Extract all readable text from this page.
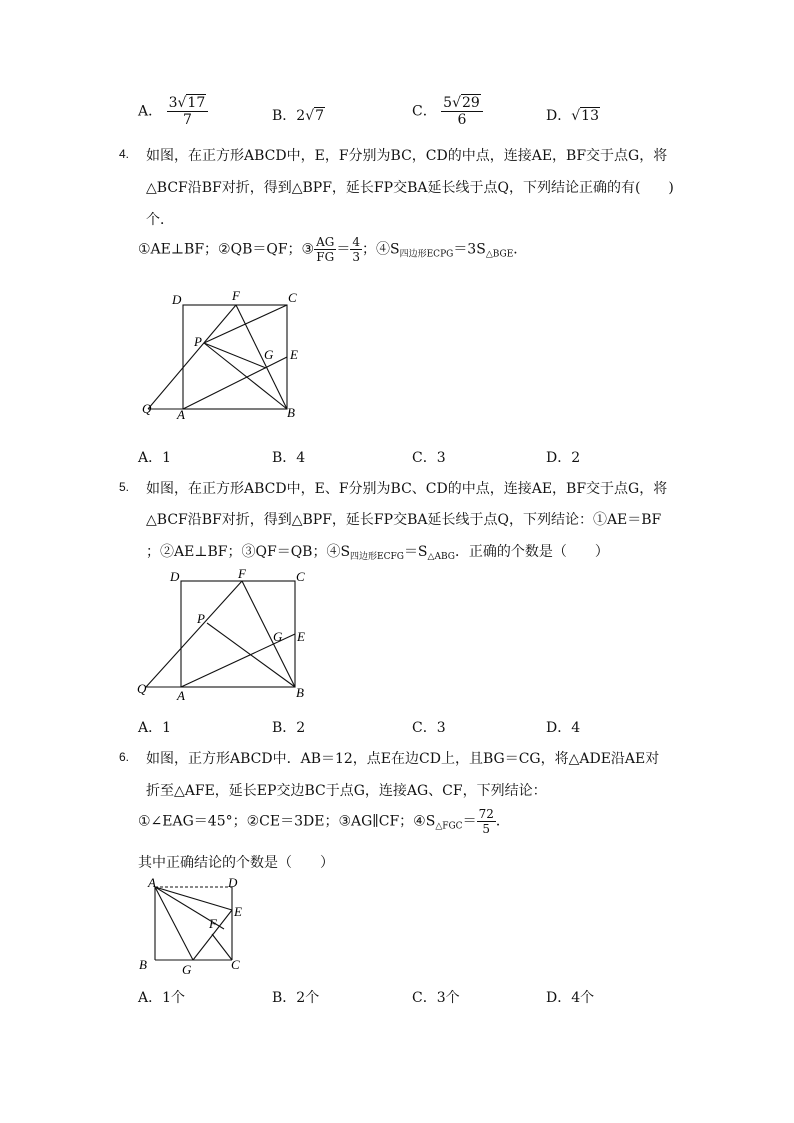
A． $\frac{3√17}{7}$	B．2√7	C． $\frac{5√29}{6}$	D．√13
4. 如图，在正方形ABCD中，E，F分别为BC，CD的中点，连接AE，BF交于点G，将
△BCF沿BF对折，得到△BPF，延长FP交BA延长线于点Q，下列结论正确的有(　　)
个．
①AE⊥BF；②QB＝QF；③ $\frac{AG}{FG} = \frac{4}{3}$ ；$④S_{四边形ECPG}=3S_{\triangle BGE}$．
D	F	C
P
G E
Q A	B
A．1	B．4	C．3	D．2
5. 如图，在正方形ABCD中，E、F分别为BC、CD的中点，连接AE，BF交于点G，将
△BCF沿BF对折，得到△BPF，延长FP交BA延长线于点Q，下列结论：①AE＝BF
；②AE⊥BF；③QF＝QB；$④S_{四边形ECFG}=S_{\triangle ABG}$．正确的个数是（　　）
D	F	C
P
G E
Q A	B
A．1	B．2	C．3	D．4
6. 如图，正方形ABCD中．AB＝12，点E在边CD上，且BG＝CG，将△ADE沿AE对
折至△AFE，延长EP交边BC于点G，连接AG、CF，下列结论：
①∠EAG＝45°；②CE＝3DE；③AG∥CF；$④S_{\triangle FGC}= \frac{72}{5}$ ．
其中正确结论的个数是（　　）
A	D
E
F
B	G	C
A．1个	B．2个	C．3个	D．4个
